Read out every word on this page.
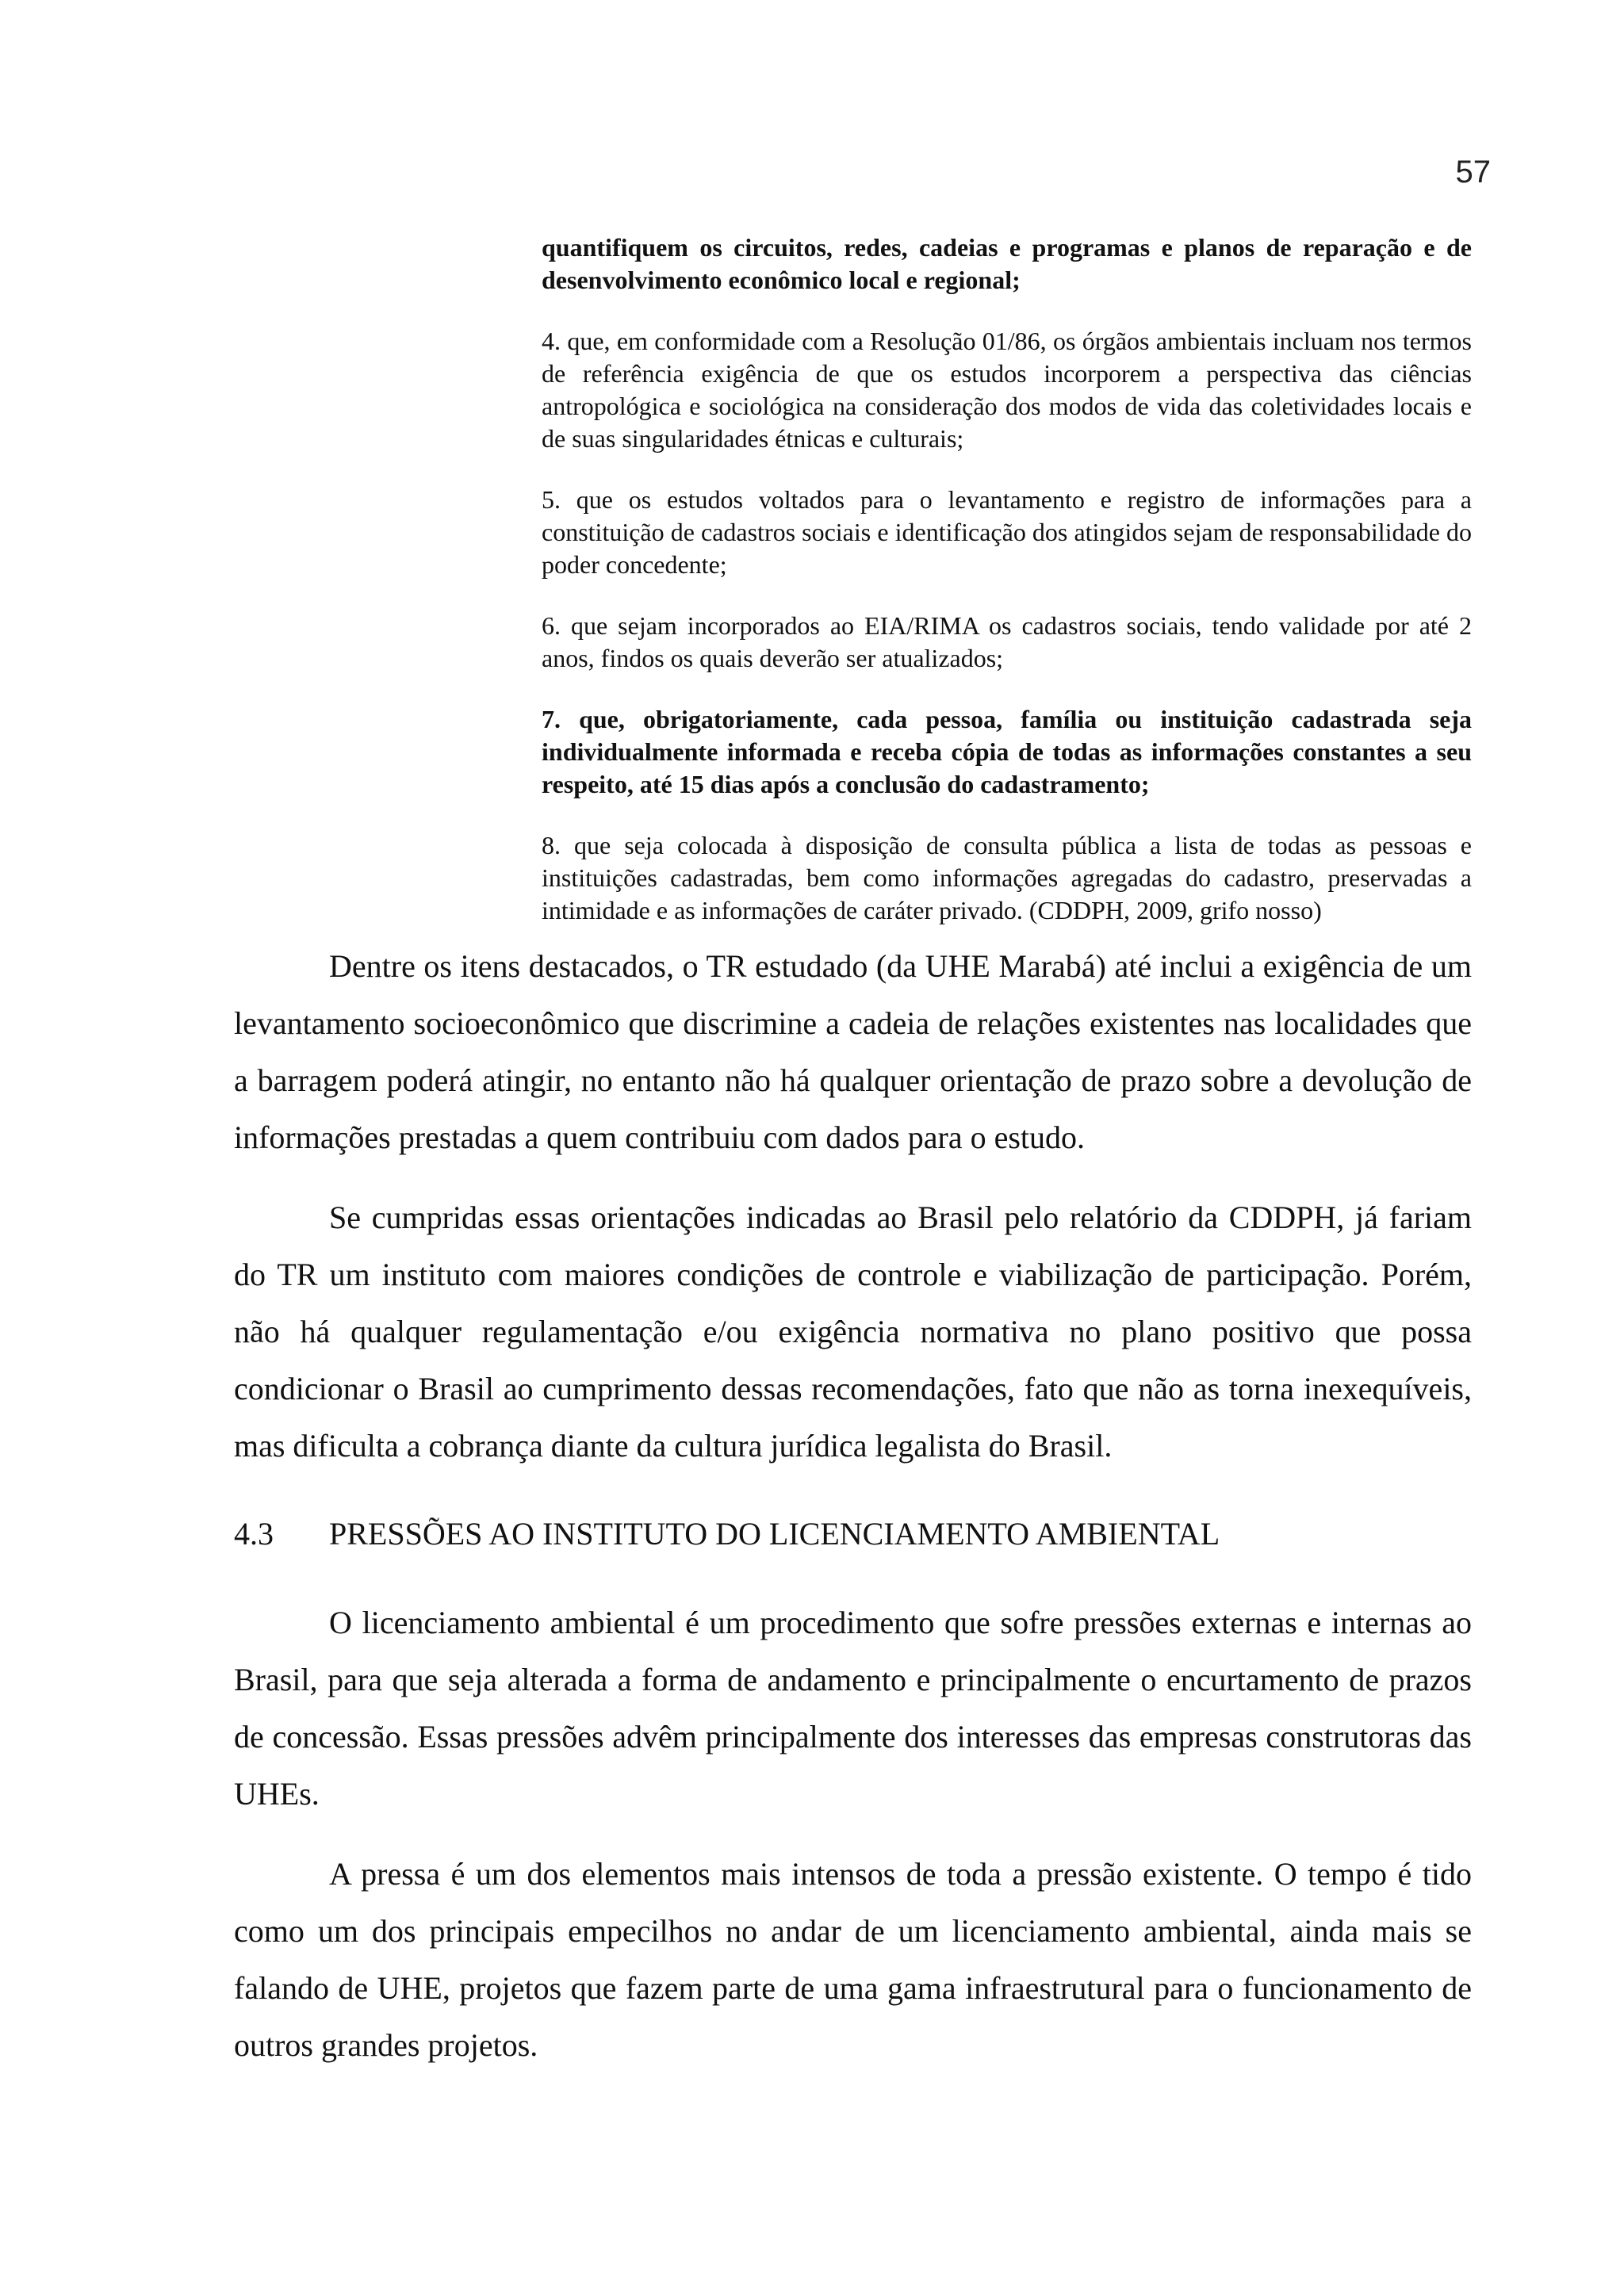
57

quantifiquem os circuitos, redes, cadeias e programas e planos de reparação e de desenvolvimento econômico local e regional;

4. que, em conformidade com a Resolução 01/86, os órgãos ambientais incluam nos termos de referência exigência de que os estudos incorporem a perspectiva das ciências antropológica e sociológica na consideração dos modos de vida das coletividades locais e de suas singularidades étnicas e culturais;

5. que os estudos voltados para o levantamento e registro de informações para a constituição de cadastros sociais e identificação dos atingidos sejam de responsabilidade do poder concedente;

6. que sejam incorporados ao EIA/RIMA os cadastros sociais, tendo validade por até 2 anos, findos os quais deverão ser atualizados;

7. que, obrigatoriamente, cada pessoa, família ou instituição cadastrada seja individualmente informada e receba cópia de todas as informações constantes a seu respeito, até 15 dias após a conclusão do cadastramento;

8. que seja colocada à disposição de consulta pública a lista de todas as pessoas e instituições cadastradas, bem como informações agregadas do cadastro, preservadas a intimidade e as informações de caráter privado. (CDDPH, 2009, grifo nosso)

Dentre os itens destacados, o TR estudado (da UHE Marabá) até inclui a exigência de um levantamento socioeconômico que discrimine a cadeia de relações existentes nas localidades que a barragem poderá atingir, no entanto não há qualquer orientação de prazo sobre a devolução de informações prestadas a quem contribuiu com dados para o estudo.

Se cumpridas essas orientações indicadas ao Brasil pelo relatório da CDDPH, já fariam do TR um instituto com maiores condições de controle e viabilização de participação. Porém, não há qualquer regulamentação e/ou exigência normativa no plano positivo que possa condicionar o Brasil ao cumprimento dessas recomendações, fato que não as torna inexequíveis, mas dificulta a cobrança diante da cultura jurídica legalista do Brasil.

4.3 PRESSÕES AO INSTITUTO DO LICENCIAMENTO AMBIENTAL

O licenciamento ambiental é um procedimento que sofre pressões externas e internas ao Brasil, para que seja alterada a forma de andamento e principalmente o encurtamento de prazos de concessão. Essas pressões advêm principalmente dos interesses das empresas construtoras das UHEs.

A pressa é um dos elementos mais intensos de toda a pressão existente. O tempo é tido como um dos principais empecilhos no andar de um licenciamento ambiental, ainda mais se falando de UHE, projetos que fazem parte de uma gama infraestrutural para o funcionamento de outros grandes projetos.
